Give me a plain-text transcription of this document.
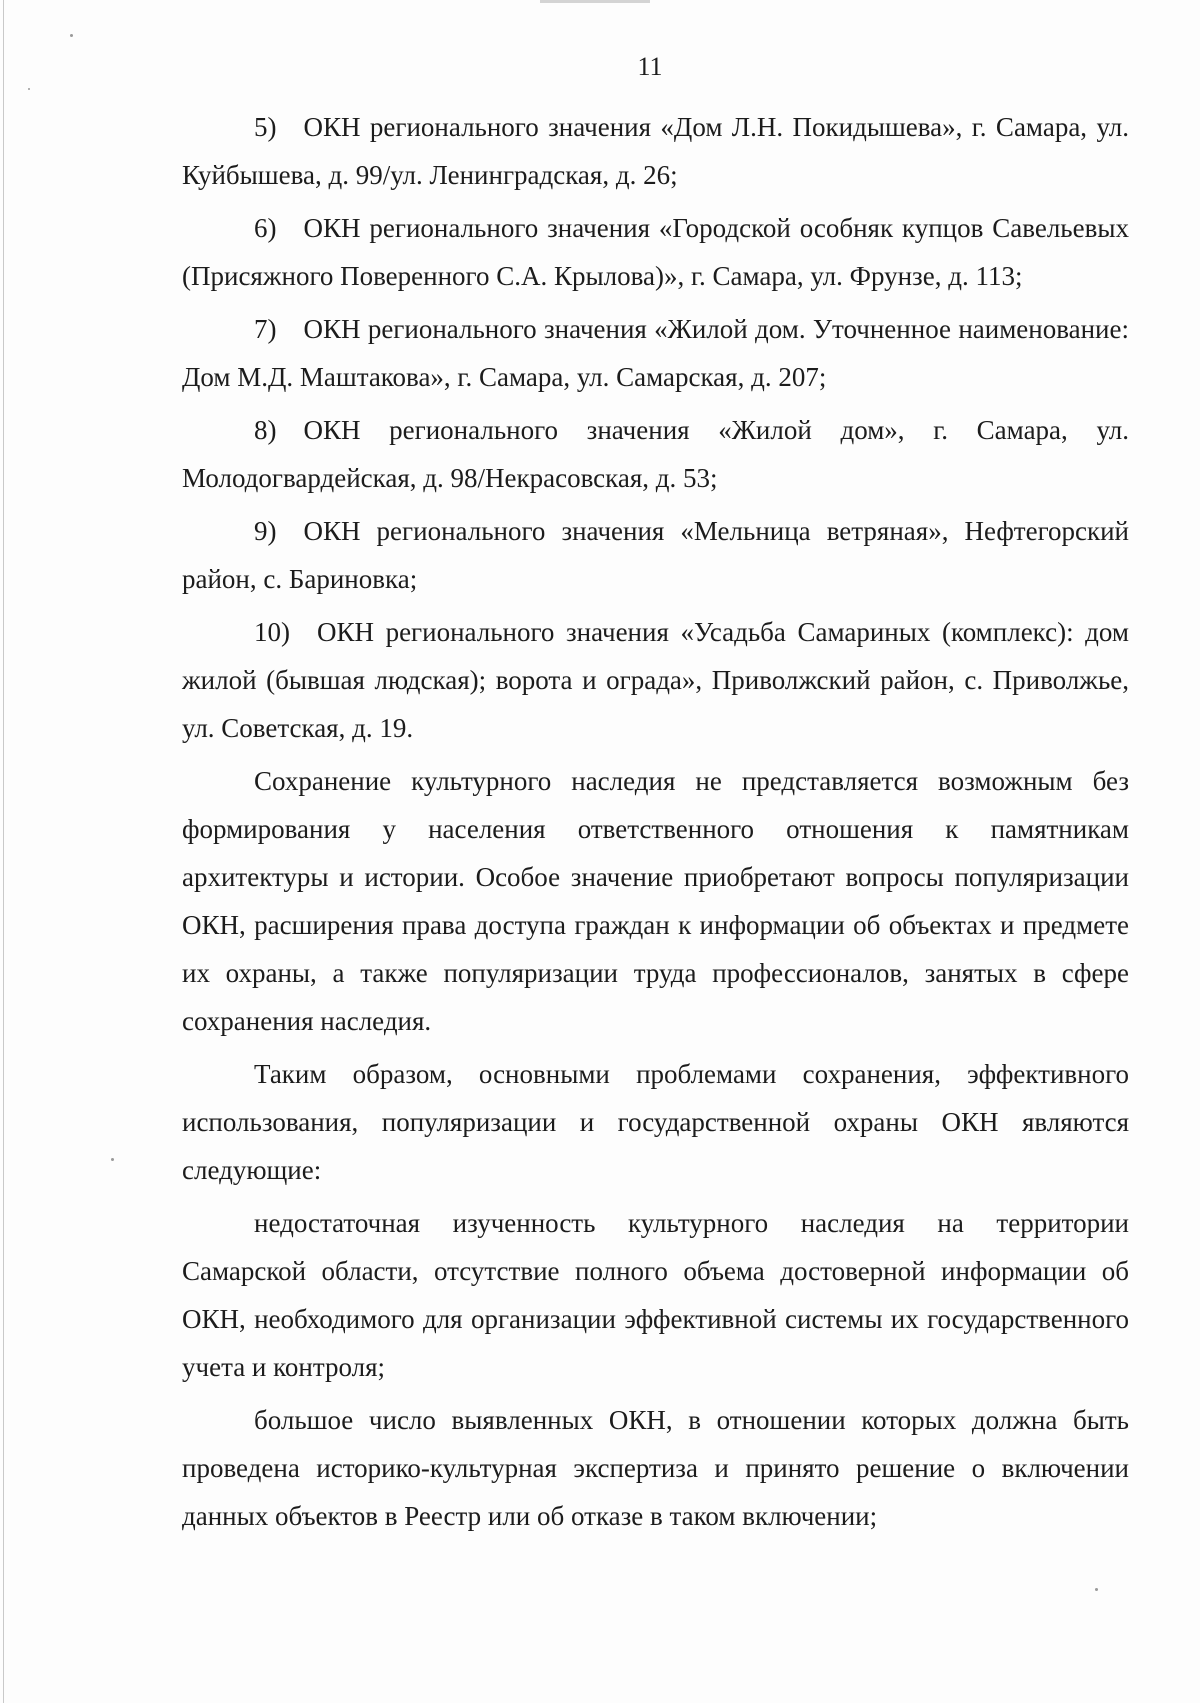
11

5) ОКН регионального значения «Дом Л.Н. Покидышева», г. Самара, ул. Куйбышева, д. 99/ул. Ленинградская, д. 26;

6) ОКН регионального значения «Городской особняк купцов Савельевых (Присяжного Поверенного С.А. Крылова)», г. Самара, ул. Фрунзе, д. 113;

7) ОКН регионального значения «Жилой дом. Уточненное наименование: Дом М.Д. Маштакова», г. Самара, ул. Самарская, д. 207;

8) ОКН регионального значения «Жилой дом», г. Самара, ул. Молодогвардейская, д. 98/Некрасовская, д. 53;

9) ОКН регионального значения «Мельница ветряная», Нефтегорский район, с. Бариновка;

10) ОКН регионального значения «Усадьба Самариных (комплекс): дом жилой (бывшая людская); ворота и ограда», Приволжский район, с. Приволжье, ул. Советская, д. 19.

Сохранение культурного наследия не представляется возможным без формирования у населения ответственного отношения к памятникам архитектуры и истории. Особое значение приобретают вопросы популяризации ОКН, расширения права доступа граждан к информации об объектах и предмете их охраны, а также популяризации труда профессионалов, занятых в сфере сохранения наследия.

Таким образом, основными проблемами сохранения, эффективного использования, популяризации и государственной охраны ОКН являются следующие:

недостаточная изученность культурного наследия на территории Самарской области, отсутствие полного объема достоверной информации об ОКН, необходимого для организации эффективной системы их государственного учета и контроля;

большое число выявленных ОКН, в отношении которых должна быть проведена историко-культурная экспертиза и принято решение о включении данных объектов в Реестр или об отказе в таком включении;
